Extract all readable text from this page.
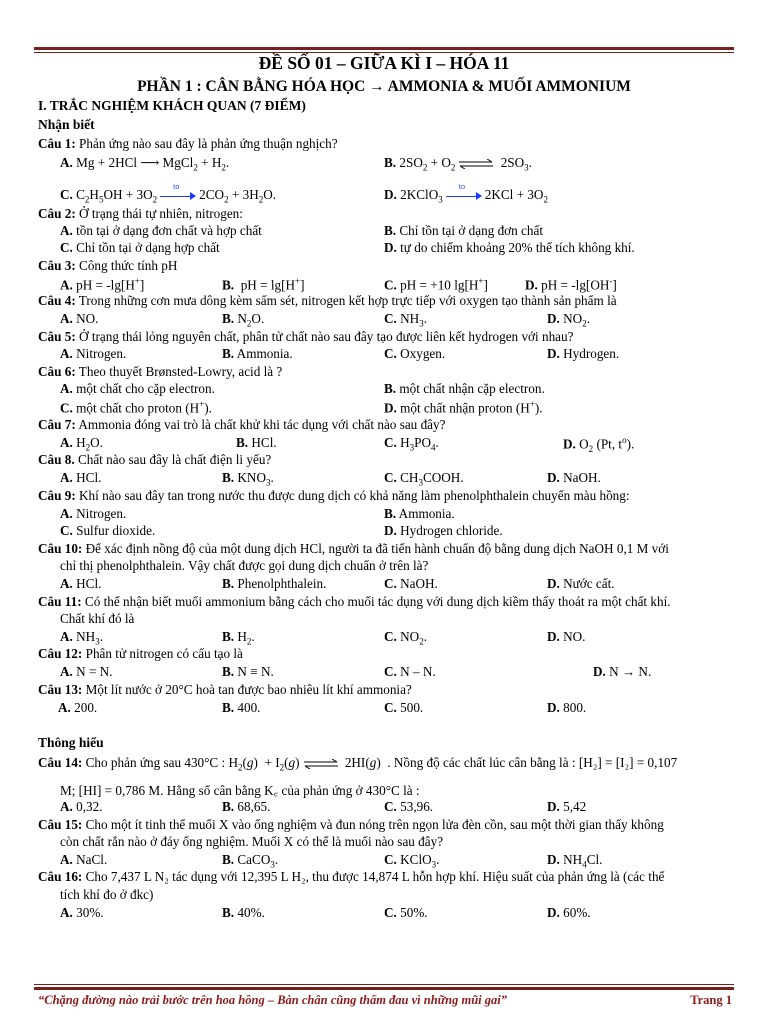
ĐỀ SỐ 01 – GIỮA KÌ I – HÓA 11
PHẦN 1 : CÂN BẰNG HÓA HỌC → AMMONIA & MUỐI AMMONIUM
I. TRẮC NGHIỆM KHÁCH QUAN (7 ĐIỂM)
Nhận biết
Câu 1: Phản ứng nào sau đây là phản ứng thuận nghịch?
A. Mg + 2HCl ⟶ MgCl$_2$ + $H_2$.	B. $2SO_2 + O_2$ ⇌ $2SO_3$.
C. $C_2H_5OH + 3O_2$
to
$2CO_2 + 3H_2O$.	D. 2KClO$_3$
to
$2KCl + 3O_2$
Câu 2: Ở trạng thái tự nhiên, nitrogen:
A. tồn tại ở dạng đơn chất và hợp chất	B. Chỉ tồn tại ở dạng đơn chất
C. Chỉ tồn tại ở dạng hợp chất	D. tự do chiếm khoảng 20% thể tích không khí.
Câu 3: Công thức tính pH
A. pH = -lg[H+]	B.  pH = lg[H+]	C. pH = +10 lg[H+]	D. pH = -lg[OH-]
Câu 4: Trong những cơn mưa dông kèm sấm sét, nitrogen kết hợp trực tiếp với oxygen tạo thành sản phẩm là
A. NO.	B. $N_2O$.	C. $NH_3$.	D. $NO_2$.
Câu 5: Ở trạng thái lỏng nguyên chất, phân tử chất nào sau đây tạo được liên kết hydrogen với nhau?
A. Nitrogen.	B. Ammonia.	C. Oxygen.	D. Hydrogen.
Câu 6: Theo thuyết Brønsted-Lowry, acid là ?
A. một chất cho cặp electron.	B. một chất nhận cặp electron.
C. một chất cho proton (H+).	D. một chất nhận proton (H+).
Câu 7: Ammonia đóng vai trò là chất khử khi tác dụng với chất nào sau đây?
A. $H_2O$.	B. HCl.	C. $H_3PO_4$.	D. $O_2$ (Pt, $t^o$).
Câu 8. Chất nào sau đây là chất điện li yếu?
A. HCl.	B. $KNO_3$.	C. $CH_3COOH$.	D. NaOH.
Câu 9: Khí nào sau đây tan trong nước thu được dung dịch có khả năng làm phenolphthalein chuyển màu hồng:
A. Nitrogen.	B. Ammonia.
C. Sulfur dioxide.	D. Hydrogen chloride.
Câu 10: Để xác định nồng độ của một dung dịch HCl, người ta đã tiến hành chuẩn độ bằng dung dịch NaOH 0,1 M với
chỉ thị phenolphthalein. Vậy chất được gọi dung dịch chuẩn ở trên là?
A. HCl.	B. Phenolphthalein.	C. NaOH.	D. Nước cất.
Câu 11: Có thể nhận biết muối ammonium bằng cách cho muối tác dụng với dung dịch kiềm thấy thoát ra một chất khí.
Chất khí đó là
A. $NH_3$.	B. $H_2$.	C. $NO_2$.	D. NO.
Câu 12: Phân tử nitrogen có cấu tạo là
A. N = N.	B. N ≡ N.	C. N – N.	D. N → N.
Câu 13: Một lít nước ở 20°C hoà tan được bao nhiêu lít khí ammonia?
A. 200.	B. 400.	C. 500.	D. 800.
Thông hiểu
Câu 14: Cho phản ứng sau 430°C : $H_2(g) + I_2(g)$ ⇌ 2HI(g)  . Nồng độ các chất lúc cân bằng là : [H₂] = [I₂] = 0,107
M; [HI] = 0,786 M. Hằng số cân bằng K꜀ của phản ứng ở 430°C là :
A. 0,32.	B. 68,65.	C. 53,96.	D. 5,42
Câu 15: Cho một ít tinh thể muối X vào ống nghiệm và đun nóng trên ngọn lửa đèn cồn, sau một thời gian thấy không
còn chất rắn nào ở đáy ống nghiệm. Muối X có thể là muối nào sau đây?
A. NaCl.	B. CaCO$_3$.	C. KClO$_3$.	D. $NH_4Cl$.
Câu 16: Cho 7,437 L N₂ tác dụng với 12,395 L H₂, thu được 14,874 L hỗn hợp khí. Hiệu suất của phản ứng là (các thể
tích khí đo ở đkc)
A. 30%.	B. 40%.	C. 50%.	D. 60%.
“Chặng đường nào trải bước trên hoa hồng – Bàn chân cũng thấm đau vì những mũi gai”	Trang 1
